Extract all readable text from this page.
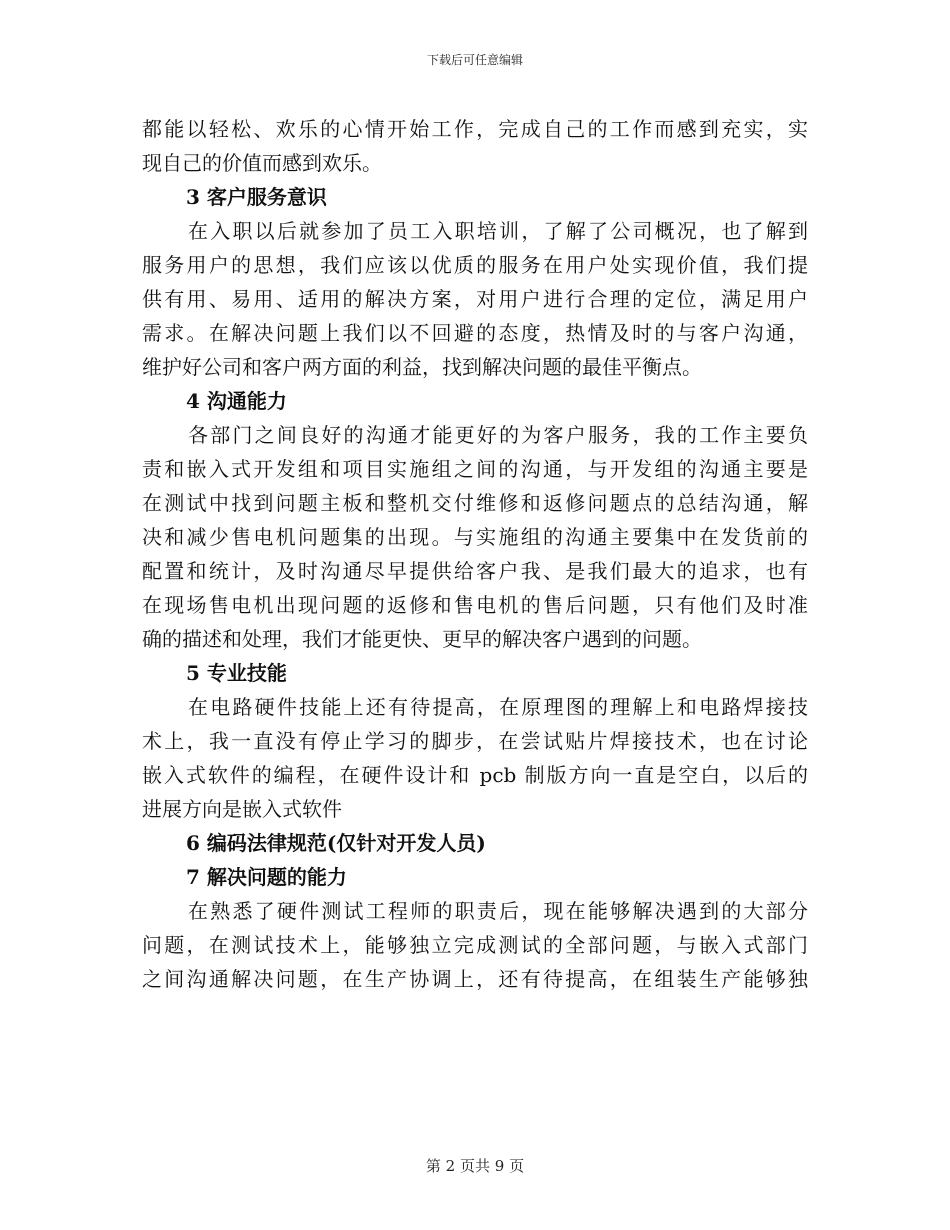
下载后可任意编辑
都能以轻松、欢乐的心情开始工作，完成自己的工作而感到充实，实
现自己的价值而感到欢乐。
3 客户服务意识
在入职以后就参加了员工入职培训，了解了公司概况，也了解到
服务用户的思想，我们应该以优质的服务在用户处实现价值，我们提
供有用、易用、适用的解决方案，对用户进行合理的定位，满足用户
需求。在解决问题上我们以不回避的态度，热情及时的与客户沟通，
维护好公司和客户两方面的利益，找到解决问题的最佳平衡点。
4 沟通能力
各部门之间良好的沟通才能更好的为客户服务，我的工作主要负
责和嵌入式开发组和项目实施组之间的沟通，与开发组的沟通主要是
在测试中找到问题主板和整机交付维修和返修问题点的总结沟通，解
决和减少售电机问题集的出现。与实施组的沟通主要集中在发货前的
配置和统计，及时沟通尽早提供给客户我、是我们最大的追求，也有
在现场售电机出现问题的返修和售电机的售后问题，只有他们及时准
确的描述和处理，我们才能更快、更早的解决客户遇到的问题。
5 专业技能
在电路硬件技能上还有待提高，在原理图的理解上和电路焊接技
术上，我一直没有停止学习的脚步，在尝试贴片焊接技术，也在讨论
嵌入式软件的编程，在硬件设计和 pcb 制版方向一直是空白，以后的
进展方向是嵌入式软件
6 编码法律规范(仅针对开发人员)
7 解决问题的能力
在熟悉了硬件测试工程师的职责后，现在能够解决遇到的大部分
问题，在测试技术上，能够独立完成测试的全部问题，与嵌入式部门
之间沟通解决问题，在生产协调上，还有待提高，在组装生产能够独
第 2 页共 9 页
